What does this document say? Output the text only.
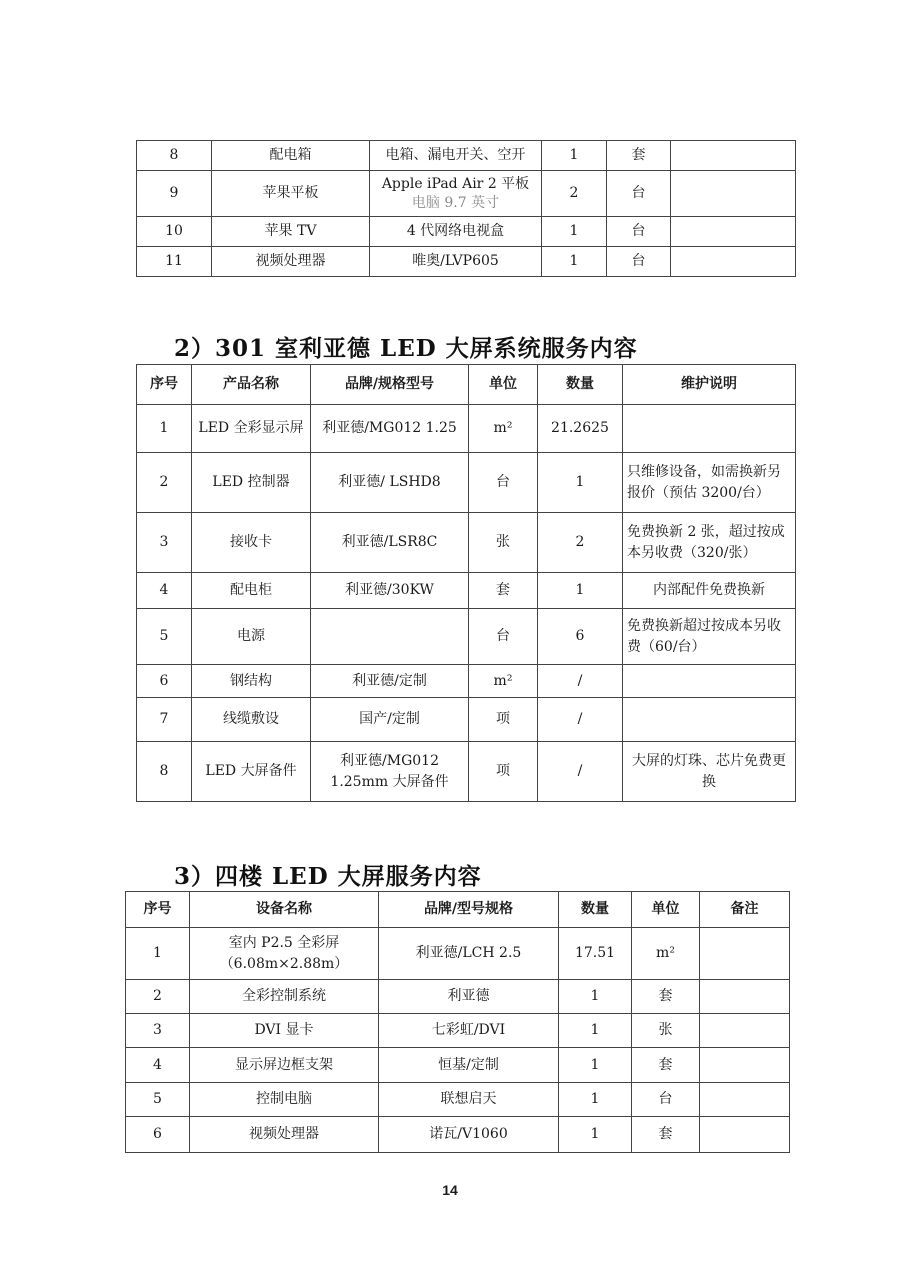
8	配电箱	电箱、漏电开关、空开	1	套	
9	苹果平板	Apple iPad Air 2 平板
电脑 9.7 英寸	2	台	
10	苹果 TV	4 代网络电视盒	1	台	
11	视频处理器	唯奥/LVP605	1	台	
2）301 室利亚德 LED 大屏系统服务内容
序号	产品名称	品牌/规格型号	单位	数量	维护说明
1	LED 全彩显示屏	利亚德/MG012 1.25	m²	21.2625	
2	LED 控制器	利亚德/ LSHD8	台	1	只维修设备，如需换新另报价（预估 3200/台）
3	接收卡	利亚德/LSR8C	张	2	免费换新 2 张，超过按成本另收费（320/张）
4	配电柜	利亚德/30KW	套	1	内部配件免费换新
5	电源		台	6	免费换新超过按成本另收费（60/台）
6	钢结构	利亚德/定制	m²	/	
7	线缆敷设	国产/定制	项	/	
8	LED 大屏备件	利亚德/MG012 1.25mm 大屏备件	项	/	大屏的灯珠、芯片免费更换
3）四楼 LED 大屏服务内容
序号	设备名称	品牌/型号规格	数量	单位	备注
1	室内 P2.5 全彩屏（6.08m×2.88m）	利亚德/LCH 2.5	17.51	m²	
2	全彩控制系统	利亚德	1	套	
3	DVI 显卡	七彩虹/DVI	1	张	
4	显示屏边框支架	恒基/定制	1	套	
5	控制电脑	联想启天	1	台	
6	视频处理器	诺瓦/V1060	1	套	
14
